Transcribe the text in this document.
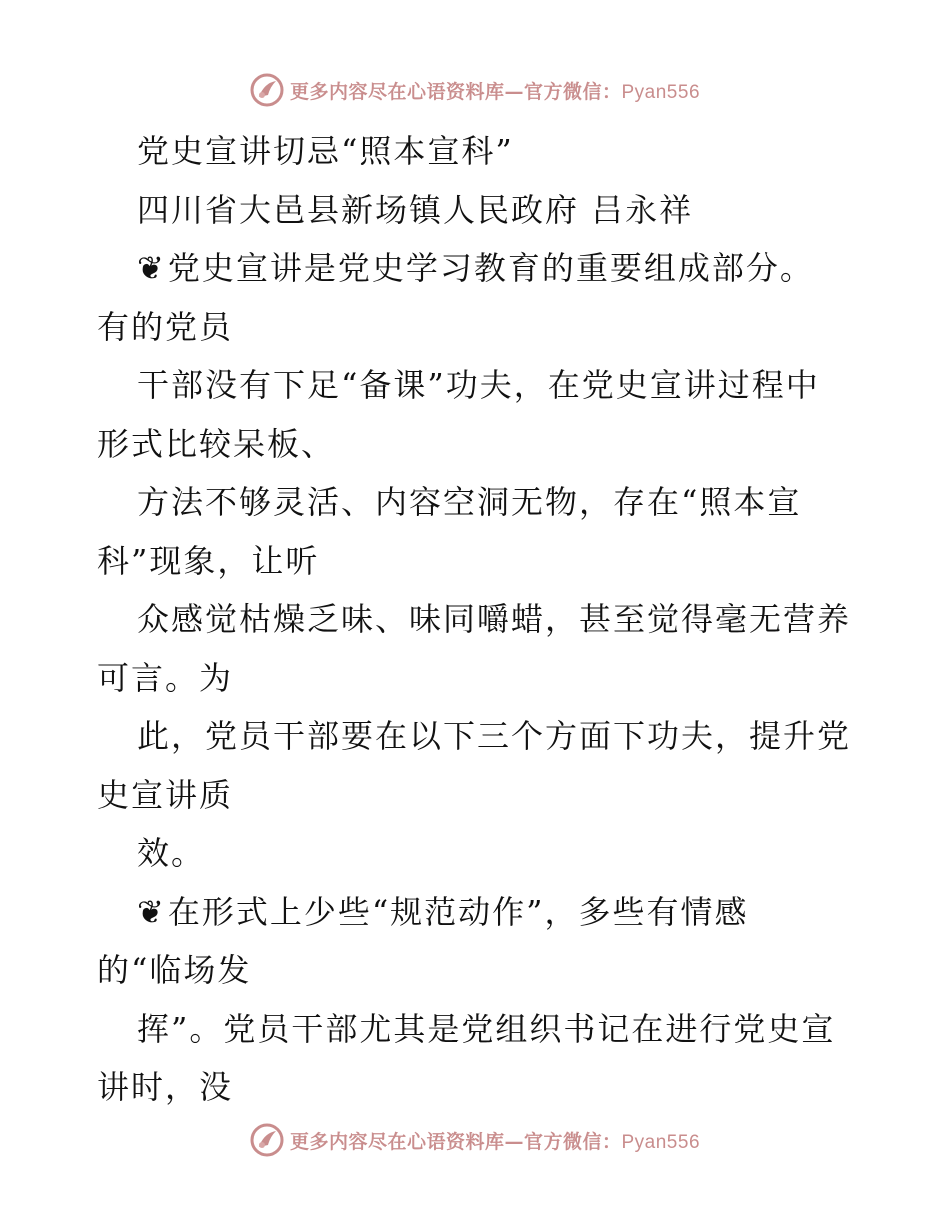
更多内容尽在心语资料库—官方微信：Pyan556
党史宣讲切忌“照本宣科”
四川省大邑县新场镇人民政府 吕永祥
❦党史宣讲是党史学习教育的重要组成部分。
有的党员
干部没有下足“备课”功夫，在党史宣讲过程中
形式比较呆板、
方法不够灵活、内容空洞无物，存在“照本宣
科”现象，让听
众感觉枯燥乏味、味同嚼蜡，甚至觉得毫无营养
可言。为
此，党员干部要在以下三个方面下功夫，提升党
史宣讲质
效。
❦在形式上少些“规范动作”，多些有情感
的“临场发
挥”。党员干部尤其是党组织书记在进行党史宣
讲时，没
更多内容尽在心语资料库—官方微信：Pyan556
